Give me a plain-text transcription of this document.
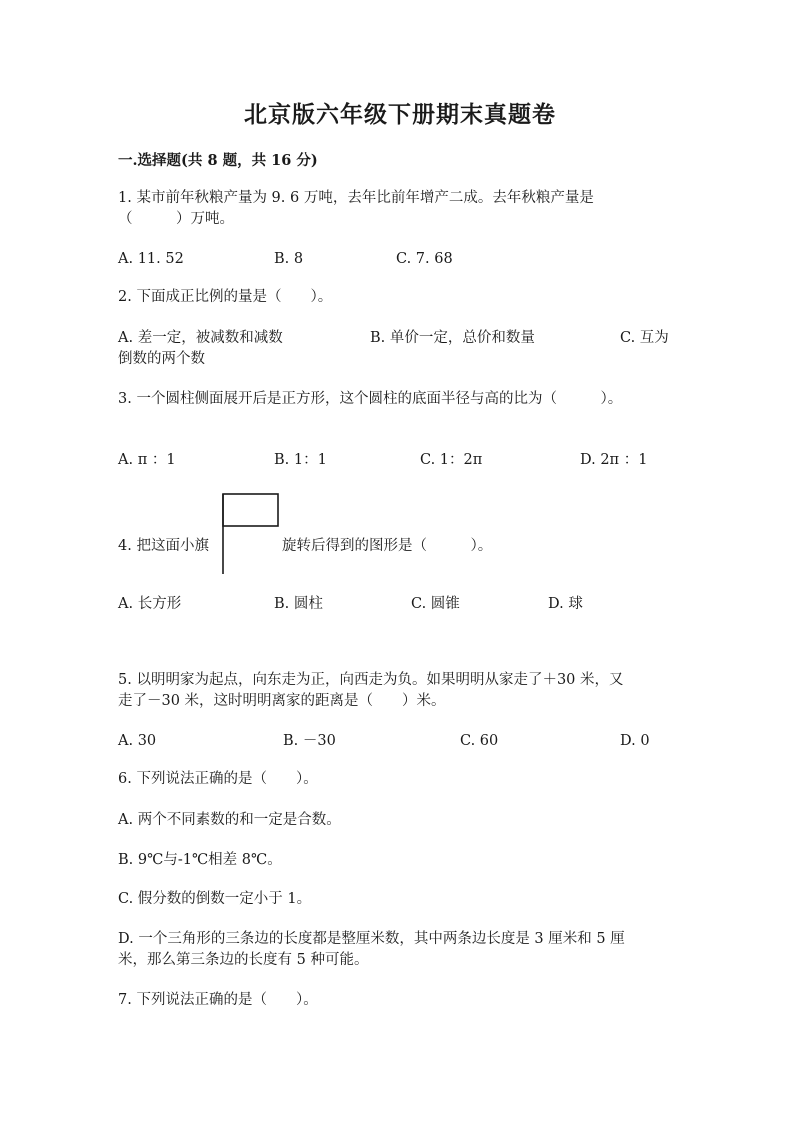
北京版六年级下册期末真题卷
一.选择题(共 8 题，共 16 分)
1. 某市前年秋粮产量为 9. 6 万吨，去年比前年增产二成。去年秋粮产量是
（　　　）万吨。
A. 11. 52	B. 8	C. 7. 68
2. 下面成正比例的量是（　　）。
A. 差一定，被减数和减数	B. 单价一定，总价和数量	C. 互为
倒数的两个数
3. 一个圆柱侧面展开后是正方形，这个圆柱的底面半径与高的比为（　　　）。
A. π ：1	B. 1：1	C. 1：2π	D. 2π ：1
4. 把这面小旗	旋转后得到的图形是（　　　）。
A. 长方形	B. 圆柱	C. 圆锥	D. 球
5. 以明明家为起点，向东走为正，向西走为负。如果明明从家走了＋30 米，又
走了－30 米，这时明明离家的距离是（　　）米。
A. 30	B. －30	C. 60	D. 0
6. 下列说法正确的是（　　）。
A. 两个不同素数的和一定是合数。
B. 9℃与-1℃相差 8℃。
C. 假分数的倒数一定小于 1。
D. 一个三角形的三条边的长度都是整厘米数，其中两条边长度是 3 厘米和 5 厘
米，那么第三条边的长度有 5 种可能。
7. 下列说法正确的是（　　）。
